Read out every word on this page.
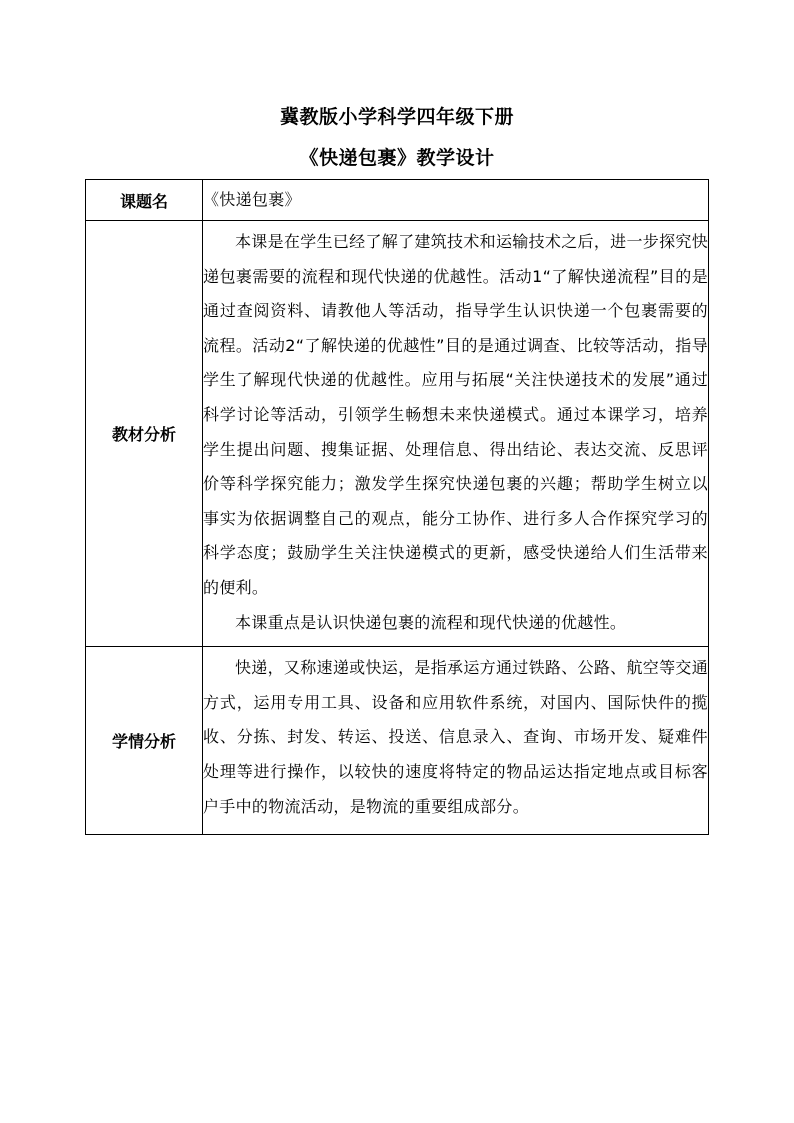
冀教版小学科学四年级下册
《快递包裹》教学设计
课题名	《快递包裹》
教材分析	本课是在学生已经了解了建筑技术和运输技术之后，进一步探究快递包裹需要的流程和现代快递的优越性。活动1“了解快递流程”目的是通过查阅资料、请教他人等活动，指导学生认识快递一个包裹需要的流程。活动2“了解快递的优越性”目的是通过调查、比较等活动，指导学生了解现代快递的优越性。应用与拓展“关注快递技术的发展”通过科学讨论等活动，引领学生畅想未来快递模式。通过本课学习，培养学生提出问题、搜集证据、处理信息、得出结论、表达交流、反思评价等科学探究能力；激发学生探究快递包裹的兴趣；帮助学生树立以事实为依据调整自己的观点，能分工协作、进行多人合作探究学习的科学态度；鼓励学生关注快递模式的更新，感受快递给人们生活带来的便利。

本课重点是认识快递包裹的流程和现代快递的优越性。

学情分析	快递，又称速递或快运，是指承运方通过铁路、公路、航空等交通方式，运用专用工具、设备和应用软件系统，对国内、国际快件的揽收、分拣、封发、转运、投送、信息录入、查询、市场开发、疑难件处理等进行操作，以较快的速度将特定的物品运达指定地点或目标客户手中的物流活动，是物流的重要组成部分。
